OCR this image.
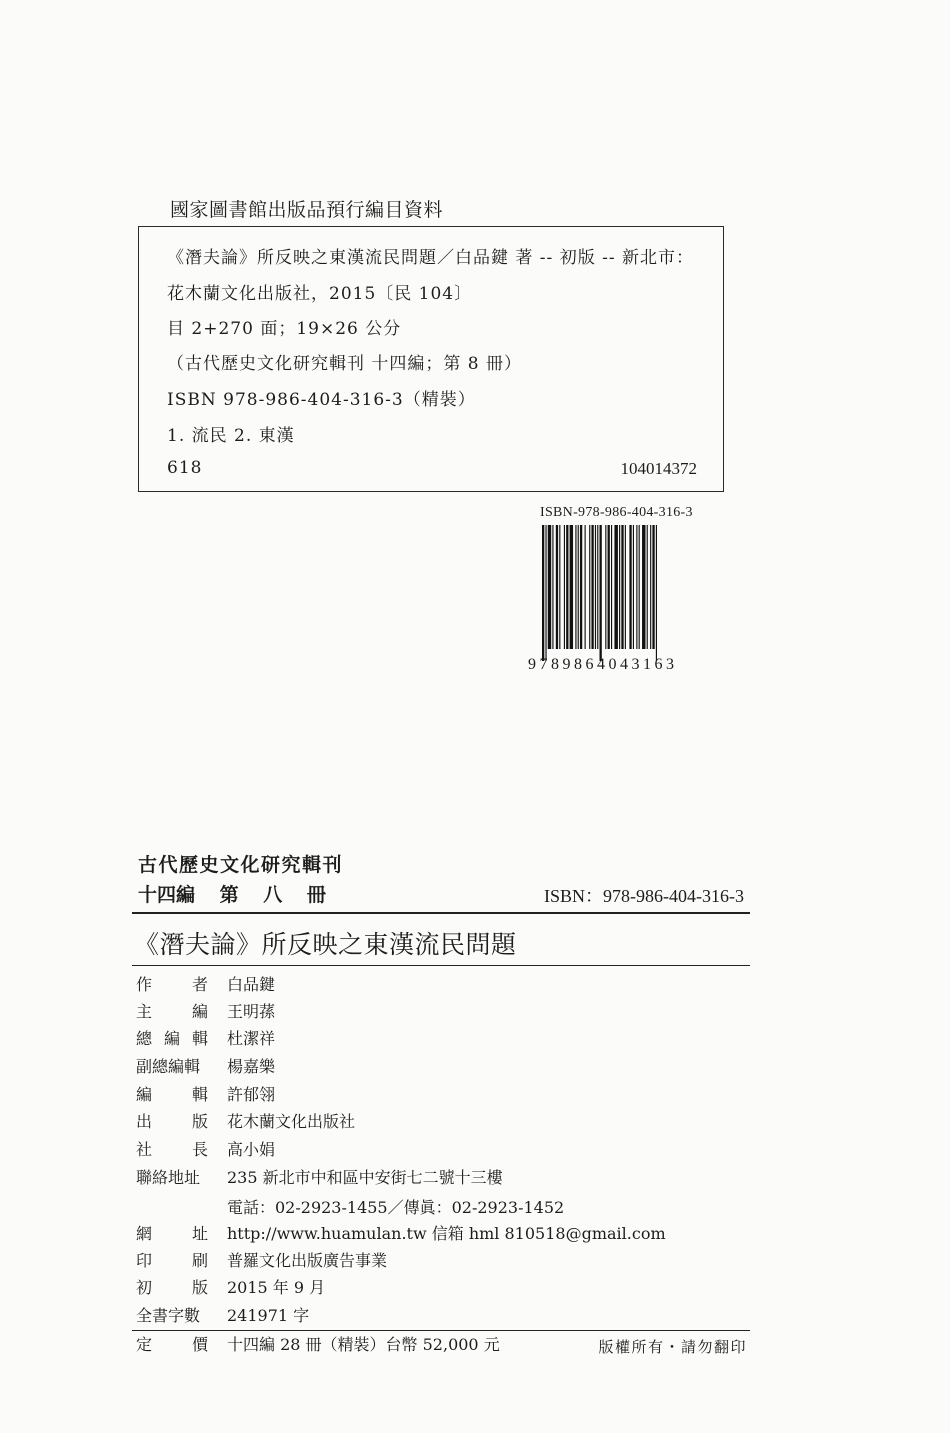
國家圖書館出版品預行編目資料
《潛夫論》所反映之東漢流民問題／白品鍵 著 -- 初版 -- 新北市：
花木蘭文化出版社，2015〔民 104〕
目 2+270 面；19×26 公分
（古代歷史文化研究輯刊 十四編；第 8 冊）
ISBN 978-986-404-316-3（精裝）
1. 流民 2. 東漢
618	104014372
ISBN-978-986-404-316-3
9789864043163
古代歷史文化研究輯刊
十四編 第 八 冊	ISBN：978-986-404-316-3
《潛夫論》所反映之東漢流民問題
作 者 白品鍵
主 編 王明蓀
總 編 輯 杜潔祥
副總編輯 楊嘉樂
編 輯 許郁翎
出 版 花木蘭文化出版社
社 長 高小娟
聯絡地址 235 新北市中和區中安街七二號十三樓
電話：02-2923-1455／傳眞：02-2923-1452
網 址 http://www.huamulan.tw 信箱 hml 810518@gmail.com
印 刷 普羅文化出版廣告事業
初 版 2015 年 9 月
全書字數 241971 字
定 價 十四編 28 冊（精裝）台幣 52,000 元	版權所有・請勿翻印
